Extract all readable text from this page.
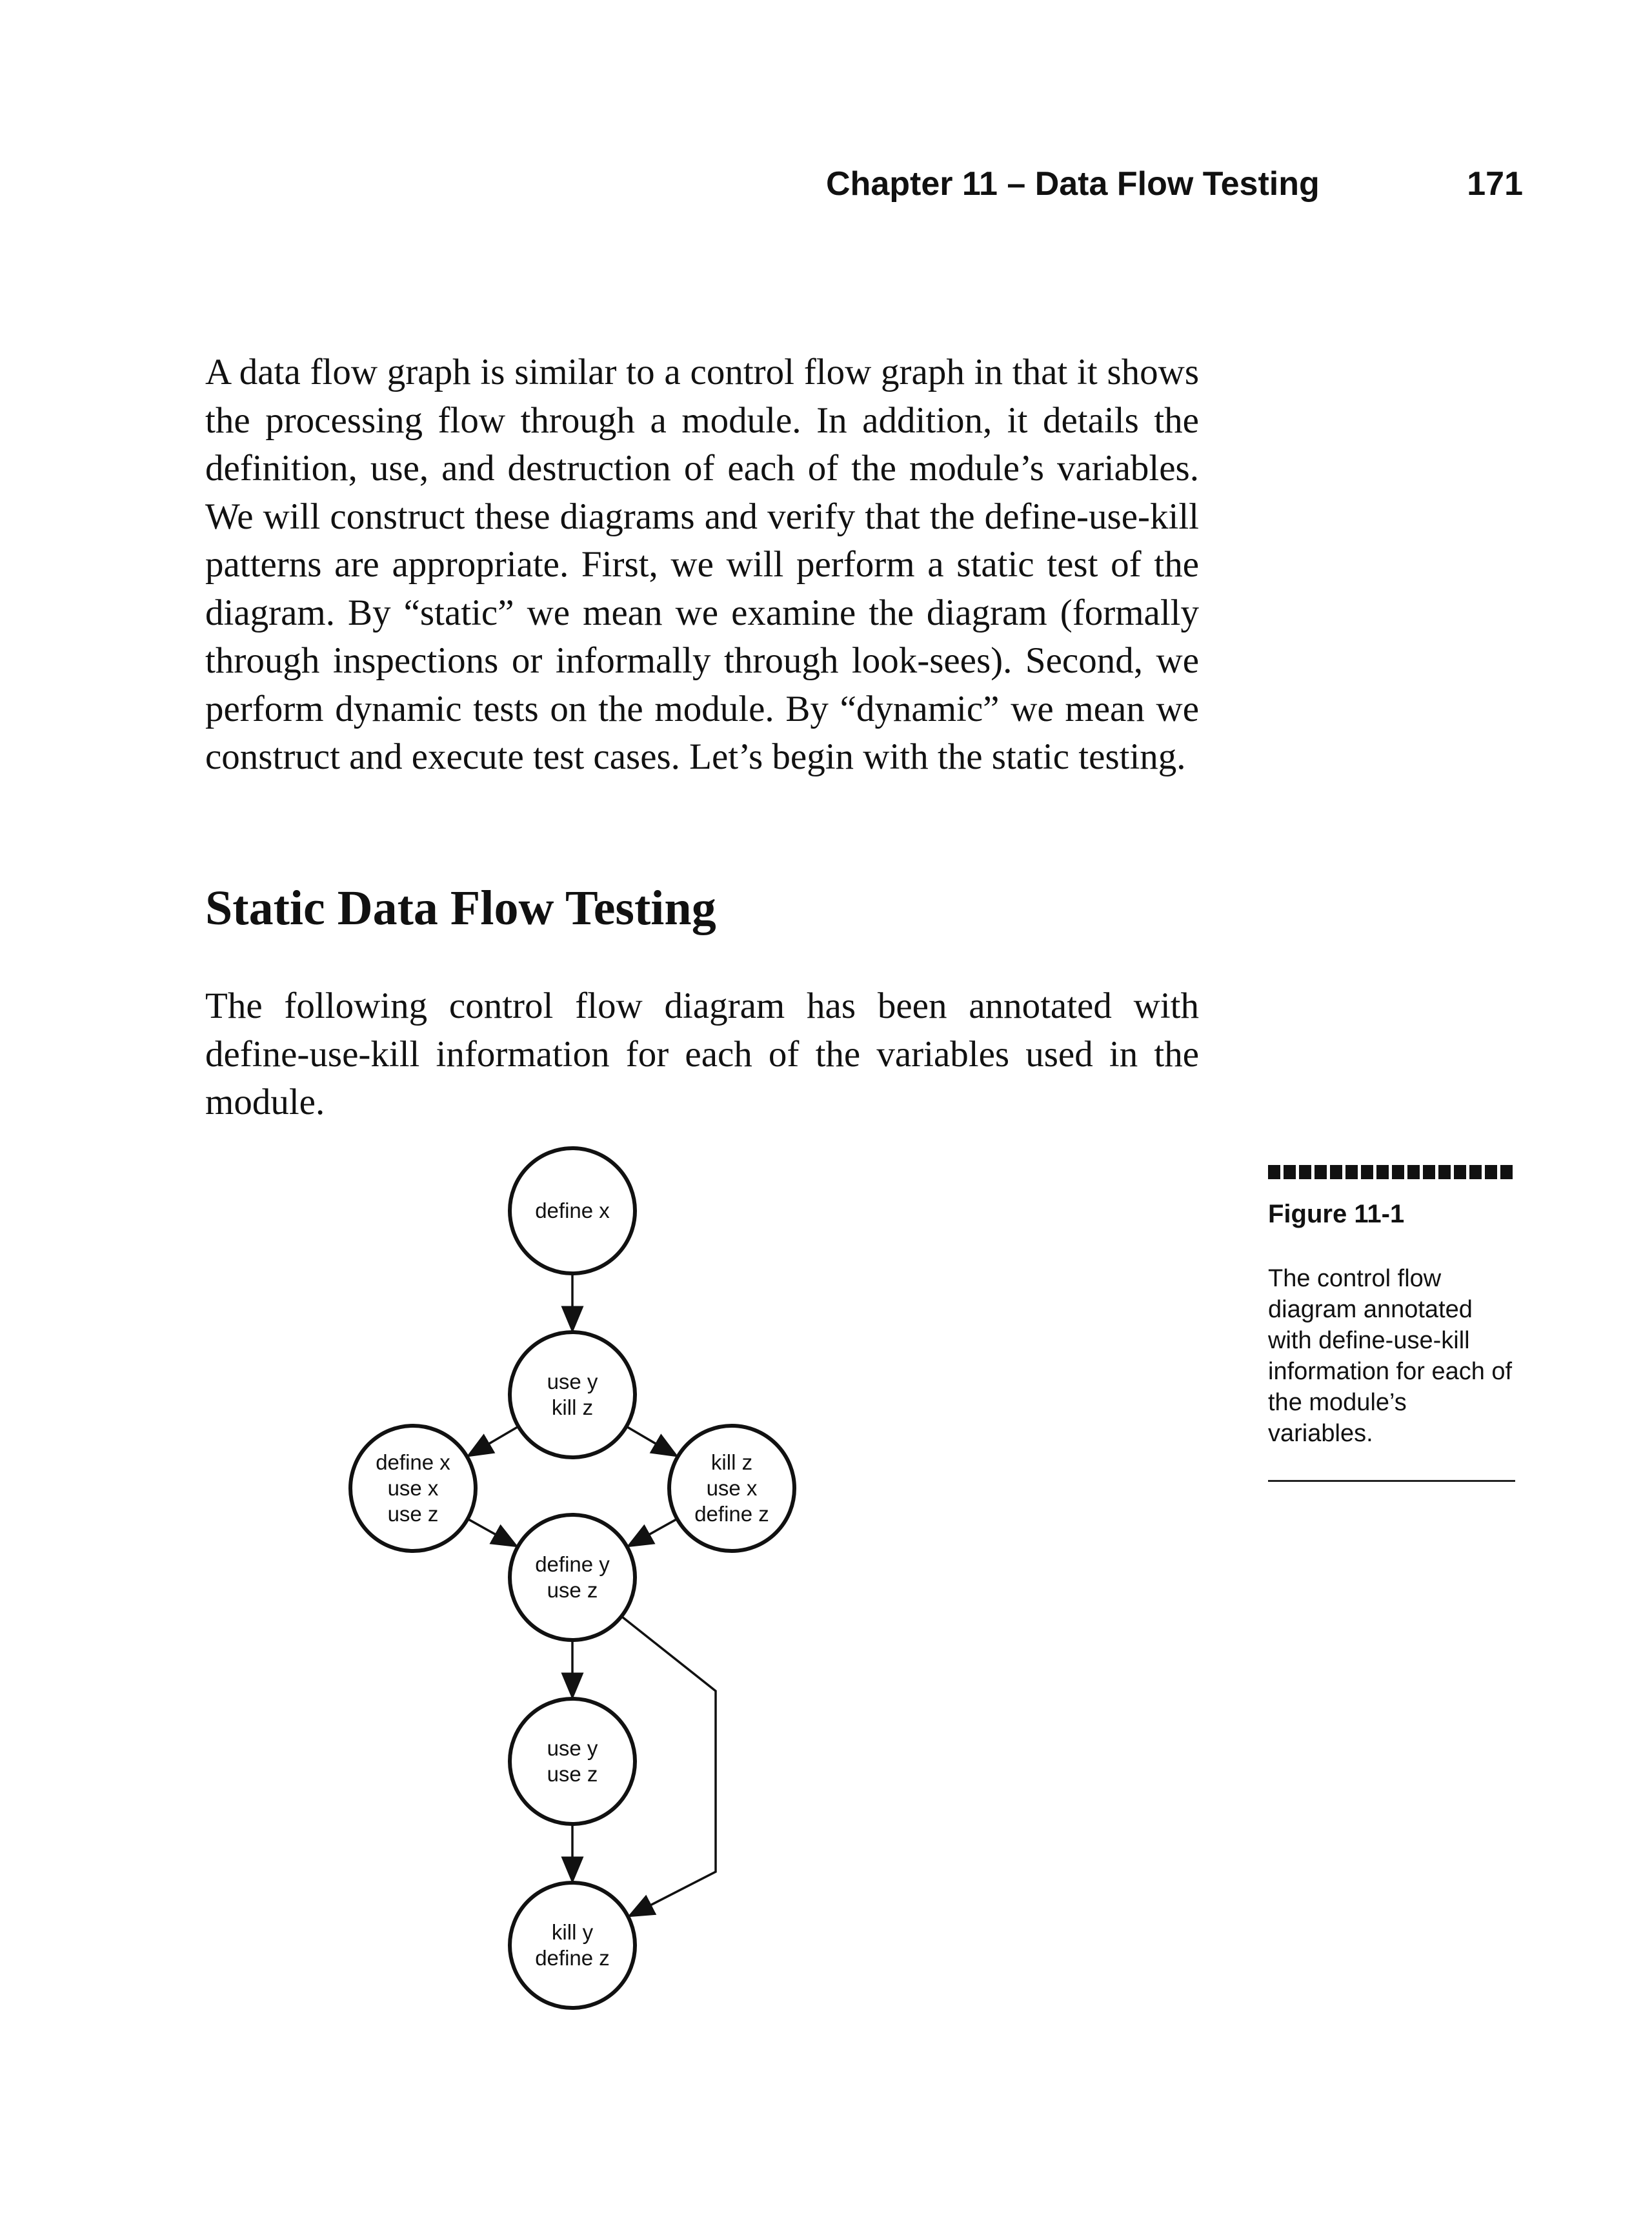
Chapter 11 – Data Flow Testing	171

A data flow graph is similar to a control flow graph in that it shows the processing flow through a module. In addition, it details the definition, use, and destruction of each of the module’s variables. We will construct these diagrams and verify that the define-use-kill patterns are appropriate. First, we will perform a static test of the diagram. By “static” we mean we examine the diagram (formally through inspections or informally through look-sees). Second, we perform dynamic tests on the module. By “dynamic” we mean we construct and execute test cases. Let’s begin with the static testing.

Static Data Flow Testing

The following control flow diagram has been annotated with define-use-kill information for each of the variables used in the module.

define x
use y
kill z
define x
use x
use z
kill z
use x
define z
define y
use z
use y
use z
kill y
define z
Figure 11-1
The control flow diagram annotated with define-use-kill information for each of the module’s variables.
